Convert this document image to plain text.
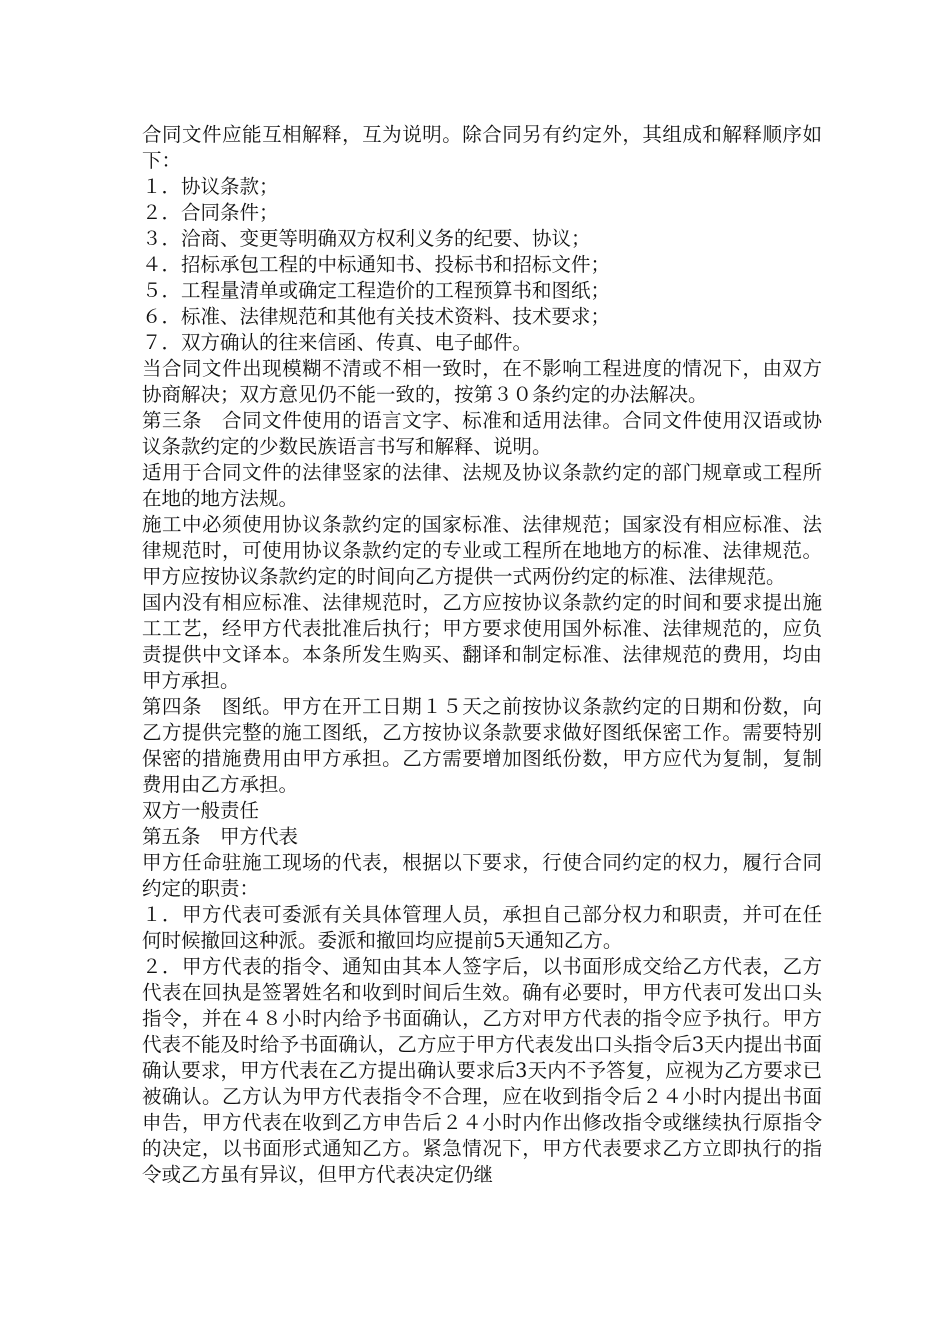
合同文件应能互相解释，互为说明。除合同另有约定外，其组成和解释顺序如下：

１．协议条款；

２．合同条件；

３．洽商、变更等明确双方权利义务的纪要、协议；

４．招标承包工程的中标通知书、投标书和招标文件；

５．工程量清单或确定工程造价的工程预算书和图纸；

６．标准、法律规范和其他有关技术资料、技术要求；

７．双方确认的往来信函、传真、电子邮件。

当合同文件出现模糊不清或不相一致时，在不影响工程进度的情况下，由双方协商解决；双方意见仍不能一致的，按第３０条约定的办法解决。

第三条　合同文件使用的语言文字、标准和适用法律。合同文件使用汉语或协议条款约定的少数民族语言书写和解释、说明。

适用于合同文件的法律竖家的法律、法规及协议条款约定的部门规章或工程所在地的地方法规。

施工中必须使用协议条款约定的国家标准、法律规范；国家没有相应标准、法律规范时，可使用协议条款约定的专业或工程所在地地方的标准、法律规范。甲方应按协议条款约定的时间向乙方提供一式两份约定的标准、法律规范。

国内没有相应标准、法律规范时，乙方应按协议条款约定的时间和要求提出施工工艺，经甲方代表批准后执行；甲方要求使用国外标准、法律规范的，应负责提供中文译本。本条所发生购买、翻译和制定标准、法律规范的费用，均由甲方承担。

第四条　图纸。甲方在开工日期１５天之前按协议条款约定的日期和份数，向乙方提供完整的施工图纸，乙方按协议条款要求做好图纸保密工作。需要特别保密的措施费用由甲方承担。乙方需要增加图纸份数，甲方应代为复制，复制费用由乙方承担。

双方一般责任

第五条　甲方代表

甲方任命驻施工现场的代表，根据以下要求，行使合同约定的权力，履行合同约定的职责：

１．甲方代表可委派有关具体管理人员，承担自己部分权力和职责，并可在任何时候撤回这种派。委派和撤回均应提前5天通知乙方。

２．甲方代表的指令、通知由其本人签字后，以书面形成交给乙方代表，乙方代表在回执是签署姓名和收到时间后生效。确有必要时，甲方代表可发出口头指令，并在４８小时内给予书面确认，乙方对甲方代表的指令应予执行。甲方代表不能及时给予书面确认，乙方应于甲方代表发出口头指令后3天内提出书面确认要求，甲方代表在乙方提出确认要求后3天内不予答复，应视为乙方要求已被确认。乙方认为甲方代表指令不合理，应在收到指令后２４小时内提出书面申告，甲方代表在收到乙方申告后２４小时内作出修改指令或继续执行原指令的决定，以书面形式通知乙方。紧急情况下，甲方代表要求乙方立即执行的指令或乙方虽有异议，但甲方代表决定仍继
